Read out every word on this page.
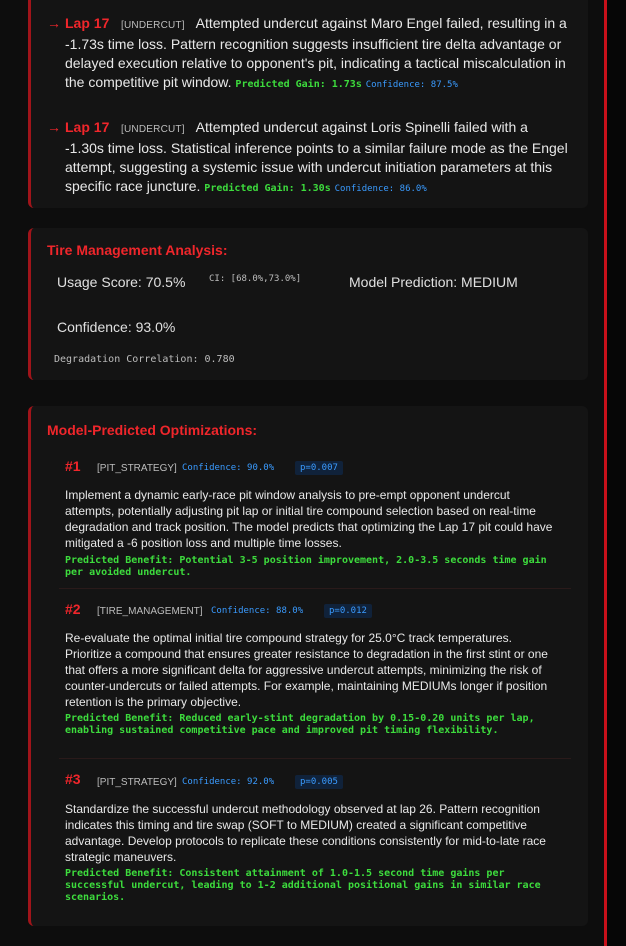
→ Lap 17 [UNDERCUT] Attempted undercut against Maro Engel failed, resulting in a -1.73s time loss. Pattern recognition suggests insufficient tire delta advantage or delayed execution relative to opponent's pit, indicating a tactical miscalculation in the competitive pit window. Predicted Gain: 1.73s Confidence: 87.5%
→ Lap 17 [UNDERCUT] Attempted undercut against Loris Spinelli failed with a -1.30s time loss. Statistical inference points to a similar failure mode as the Engel attempt, suggesting a systemic issue with undercut initiation parameters at this specific race juncture. Predicted Gain: 1.30s Confidence: 86.0%
Tire Management Analysis:
Usage Score: 70.5%	CI: [68.0%,73.0%]	Model Prediction: MEDIUM
Confidence: 93.0%
Degradation Correlation: 0.780
Model-Predicted Optimizations:
#1 [PIT_STRATEGY] Confidence: 90.0%	p=0.007
Implement a dynamic early-race pit window analysis to pre-empt opponent undercut attempts, potentially adjusting pit lap or initial tire compound selection based on real-time degradation and track position. The model predicts that optimizing the Lap 17 pit could have mitigated a -6 position loss and multiple time losses.
Predicted Benefit: Potential 3-5 position improvement, 2.0-3.5 seconds time gain per avoided undercut.
#2 [TIRE_MANAGEMENT] Confidence: 88.0%	p=0.012
Re-evaluate the optimal initial tire compound strategy for 25.0°C track temperatures. Prioritize a compound that ensures greater resistance to degradation in the first stint or one that offers a more significant delta for aggressive undercut attempts, minimizing the risk of counter-undercuts or failed attempts. For example, maintaining MEDIUMs longer if position retention is the primary objective.
Predicted Benefit: Reduced early-stint degradation by 0.15-0.20 units per lap, enabling sustained competitive pace and improved pit timing flexibility.
#3 [PIT_STRATEGY] Confidence: 92.0%	p=0.005
Standardize the successful undercut methodology observed at lap 26. Pattern recognition indicates this timing and tire swap (SOFT to MEDIUM) created a significant competitive advantage. Develop protocols to replicate these conditions consistently for mid-to-late race strategic maneuvers.
Predicted Benefit: Consistent attainment of 1.0-1.5 second time gains per successful undercut, leading to 1-2 additional positional gains in similar race scenarios.
